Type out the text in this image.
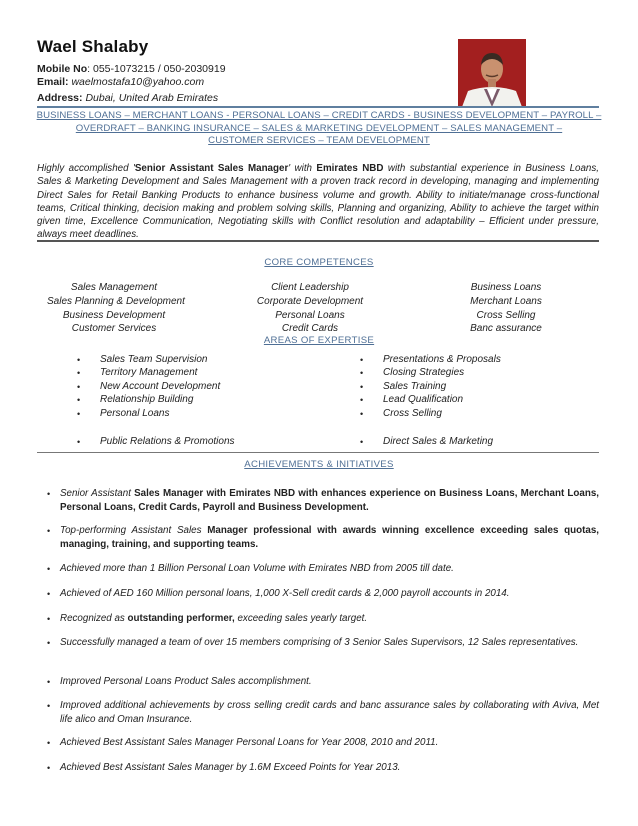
Wael Shalaby
Mobile No: 055-1073215 / 050-2030919
Email: waelmostafa10@yahoo.com
Address: Dubai, United Arab Emirates
BUSINESS LOANS – MERCHANT LOANS - PERSONAL LOANS – CREDIT CARDS - BUSINESS DEVELOPMENT – PAYROLL –
OVERDRAFT – BANKING INSURANCE – SALES & MARKETING DEVELOPMENT – SALES MANAGEMENT –
CUSTOMER SERVICES – TEAM DEVELOPMENT
Highly accomplished 'Senior Assistant Sales Manager' with Emirates NBD with substantial experience in Business Loans, Sales & Marketing Development and Sales Management with a proven track record in developing, managing and implementing Direct Sales for Retail Banking Products to enhance business volume and growth. Ability to initiate/manage cross-functional teams, Critical thinking, decision making and problem solving skills, Planning and organizing, Ability to achieve the target within given time, Excellence Communication, Negotiating skills with Conflict resolution and adaptability – Efficient under pressure, always meet deadlines.
CORE COMPETENCES
Sales Management
Sales Planning & Development
Business Development
Customer Services
Client Leadership
Corporate Development
Personal Loans
Credit Cards
Business Loans
Merchant Loans
Cross Selling
Banc assurance
AREAS OF EXPERTISE
• Sales Team Supervision
• Territory Management
• New Account Development
• Relationship Building
• Personal Loans
• Presentations & Proposals
• Closing Strategies
• Sales Training
• Lead Qualification
• Cross Selling
• Public Relations & Promotions	• Direct Sales & Marketing
ACHIEVEMENTS & INITIATIVES
• Senior Assistant Sales Manager with Emirates NBD with enhances experience on Business Loans, Merchant Loans, Personal Loans, Credit Cards, Payroll and Business Development.
• Top-performing Assistant Sales Manager professional with awards winning excellence exceeding sales quotas, managing, training, and supporting teams.
• Achieved more than 1 Billion Personal Loan Volume with Emirates NBD from 2005 till date.
• Achieved of AED 160 Million personal loans, 1,000 X-Sell credit cards & 2,000 payroll accounts in 2014.
• Recognized as outstanding performer, exceeding sales yearly target.
• Successfully managed a team of over 15 members comprising of 3 Senior Sales Supervisors, 12 Sales representatives.
• Improved Personal Loans Product Sales accomplishment.
• Improved additional achievements by cross selling credit cards and banc assurance sales by collaborating with Aviva, Met life alico and Oman Insurance.
• Achieved Best Assistant Sales Manager Personal Loans for Year 2008, 2010 and 2011.
• Achieved Best Assistant Sales Manager by 1.6M Exceed Points for Year 2013.
